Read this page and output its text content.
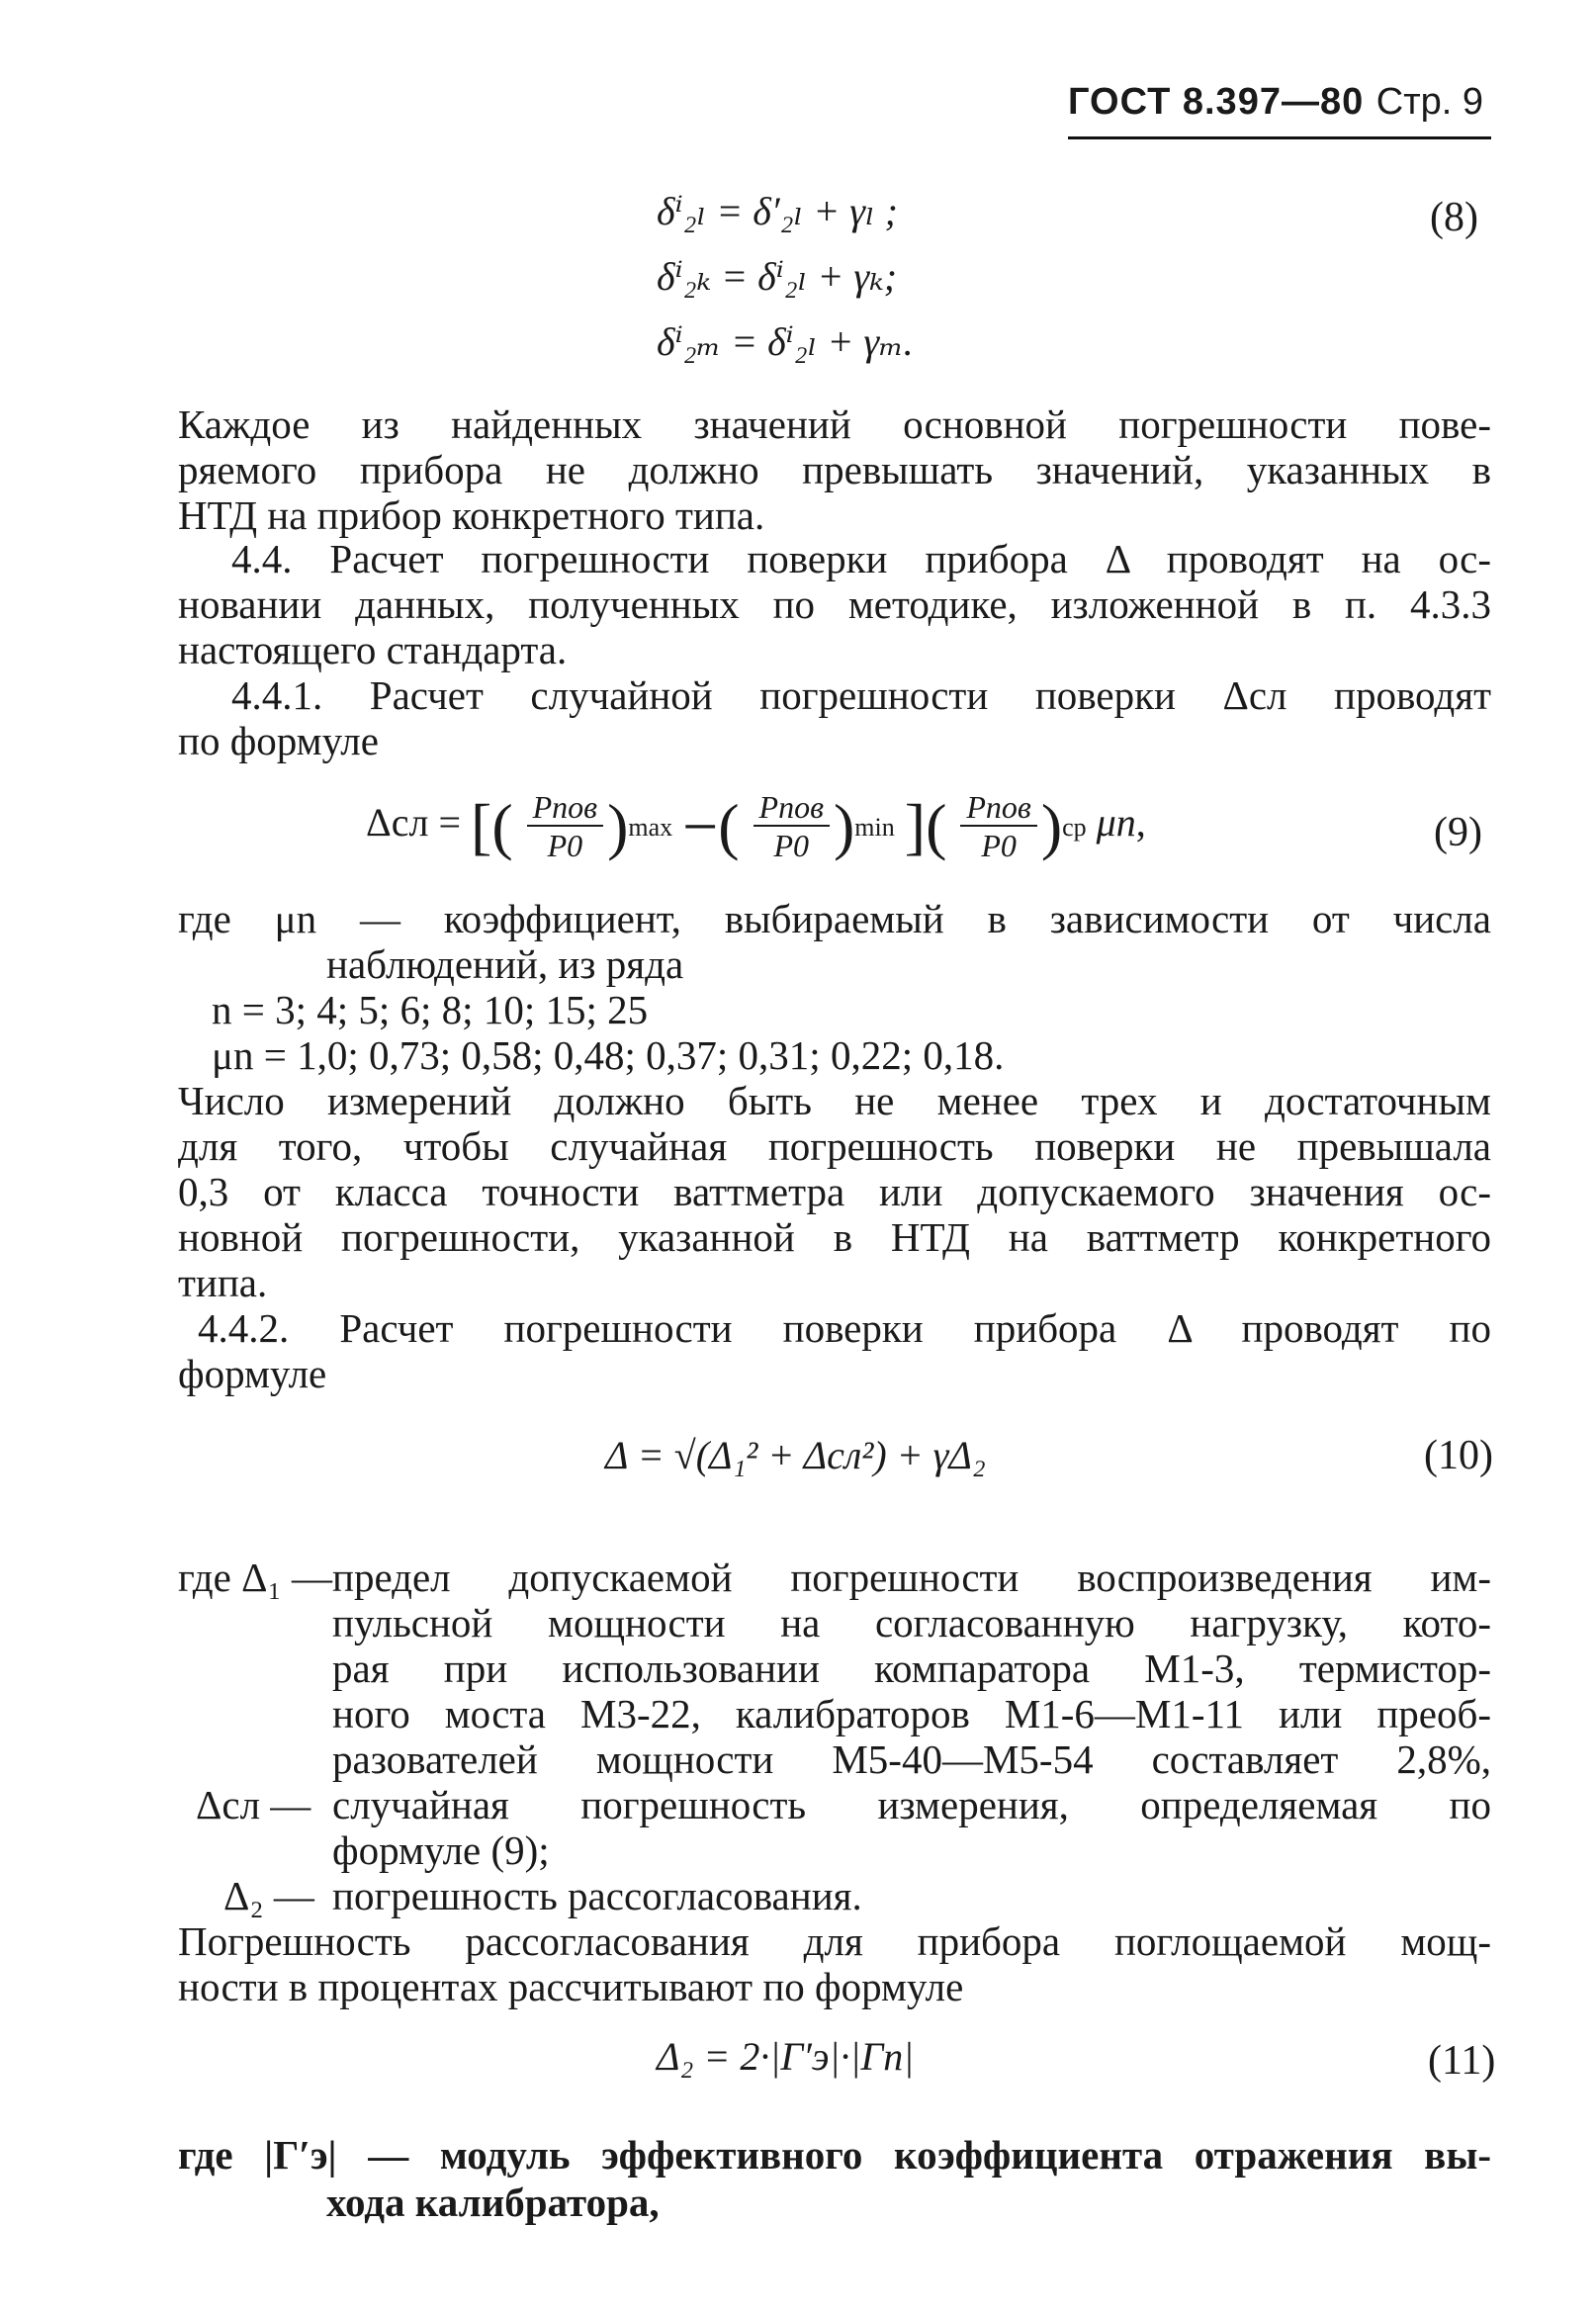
ГОСТ 8.397—80 Стр. 9
δⁱ₂ₗ = δ′₂ₗ + γₗ ;
δⁱ₂ₖ = δⁱ₂ₗ + γₖ;
δⁱ₂ₘ = δⁱ₂ₗ + γₘ.
(8)
Каждое из найденных значений основной погрешности пове-
ряемого прибора не должно превышать значений, указанных в
НТД на прибор конкретного типа.
4.4. Расчет погрешности поверки прибора Δ проводят на ос-
новании данных, полученных по методике, изложенной в п. 4.3.3
настоящего стандарта.
4.4.1. Расчет случайной погрешности поверки Δсл проводят
по формуле
Δсл = [( Pпов
P0 )max −( Pпов
P0 )min ]( Pпов
P0 )ср μn,	(9)
где μn — коэффициент, выбираемый в зависимости от числа
наблюдений, из ряда
n = 3; 4; 5; 6; 8; 10; 15; 25
μn = 1,0; 0,73; 0,58; 0,48; 0,37; 0,31; 0,22; 0,18.
Число измерений должно быть не менее трех и достаточным
для того, чтобы случайная погрешность поверки не превышала
0,3 от класса точности ваттметра или допускаемого значения ос-
новной погрешности, указанной в НТД на ваттметр конкретного
типа.
4.4.2. Расчет погрешности поверки прибора Δ проводят по
формуле
Δ = √(Δ₁² + Δсл²) + γΔ₂	(10)
где Δ₁ — предел допускаемой погрешности воспроизведения им-
пульсной мощности на согласованную нагрузку, кото-
рая при использовании компаратора М1-3, термистор-
ного моста М3-22, калибраторов М1-6—М1-11 или преоб-
разователей мощности М5-40—М5-54 составляет 2,8%,
Δсл — случайная погрешность измерения, определяемая по
формуле (9);
Δ₂ — погрешность рассогласования.
Погрешность рассогласования для прибора поглощаемой мощ-
ности в процентах рассчитывают по формуле
Δ₂ = 2·|Г′э|·|Гп|	(11)
где |Г′э| — модуль эффективного коэффициента отражения вы-
хода калибратора,
